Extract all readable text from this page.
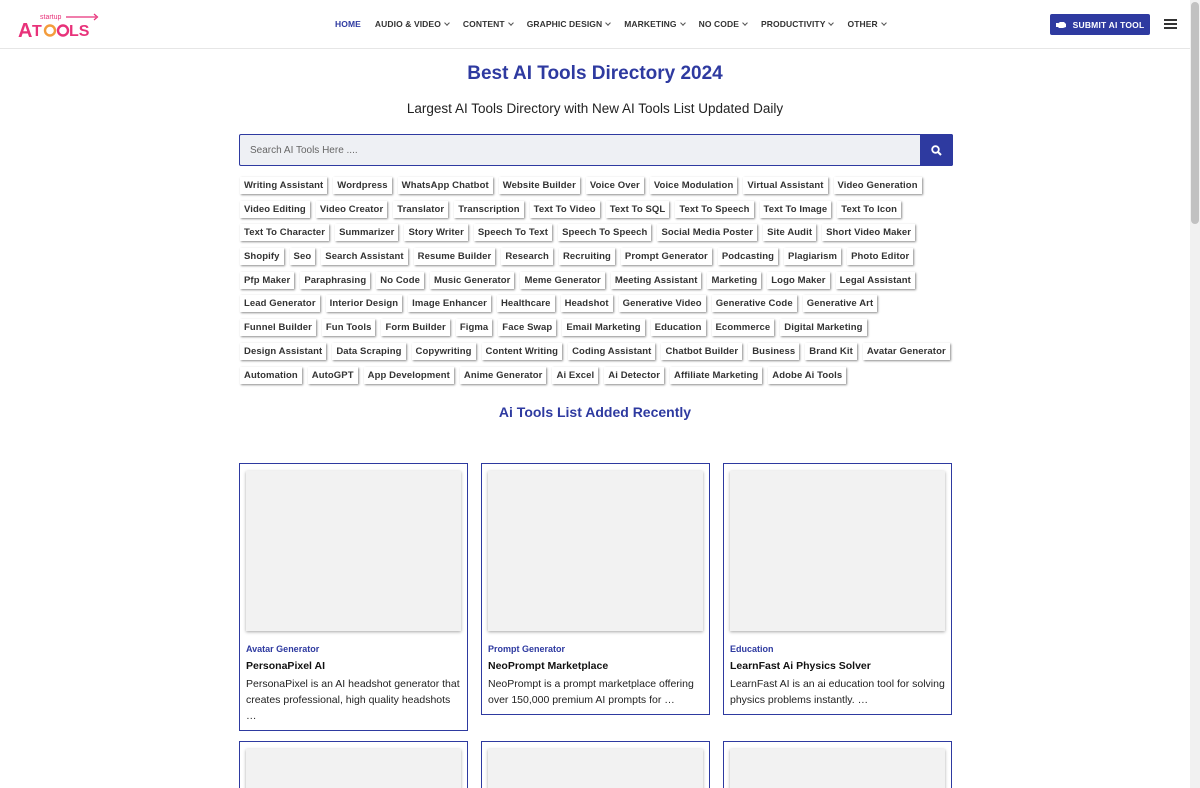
startup
A T LS	HOME AUDIO & VIDEO	CONTENT	GRAPHIC DESIGN	MARKETING	NO CODE	PRODUCTIVITY	OTHER	SUBMIT AI TOOL
Best AI Tools Directory 2024

Largest AI Tools Directory with New AI Tools List Updated Daily

Search AI Tools Here ....
Writing Assistant	Wordpress	WhatsApp Chatbot	Website Builder	Voice Over	Voice Modulation	Virtual Assistant	Video Generation
Video Editing	Video Creator	Translator	Transcription	Text To Video	Text To SQL	Text To Speech	Text To Image	Text To Icon
Text To Character	Summarizer	Story Writer	Speech To Text	Speech To Speech	Social Media Poster	Site Audit	Short Video Maker
Shopify	Seo	Search Assistant	Resume Builder	Research	Recruiting	Prompt Generator	Podcasting	Plagiarism	Photo Editor
Pfp Maker	Paraphrasing	No Code	Music Generator	Meme Generator	Meeting Assistant	Marketing	Logo Maker	Legal Assistant
Lead Generator	Interior Design	Image Enhancer	Healthcare	Headshot	Generative Video	Generative Code	Generative Art
Funnel Builder	Fun Tools	Form Builder	Figma	Face Swap	Email Marketing	Education	Ecommerce	Digital Marketing
Design Assistant	Data Scraping	Copywriting	Content Writing	Coding Assistant	Chatbot Builder	Business	Brand Kit	Avatar Generator
Automation	AutoGPT	App Development	Anime Generator	Ai Excel	Ai Detector	Affiliate Marketing	Adobe Ai Tools
Ai Tools List Added Recently
Avatar Generator
PersonaPixel AI
PersonaPixel is an AI headshot generator that creates professional, high quality headshots …
Prompt Generator
NeoPrompt Marketplace
NeoPrompt is a prompt marketplace offering over 150,000 premium AI prompts for …
Education
LearnFast Ai Physics Solver
LearnFast AI is an ai education tool for solving physics problems instantly. …
